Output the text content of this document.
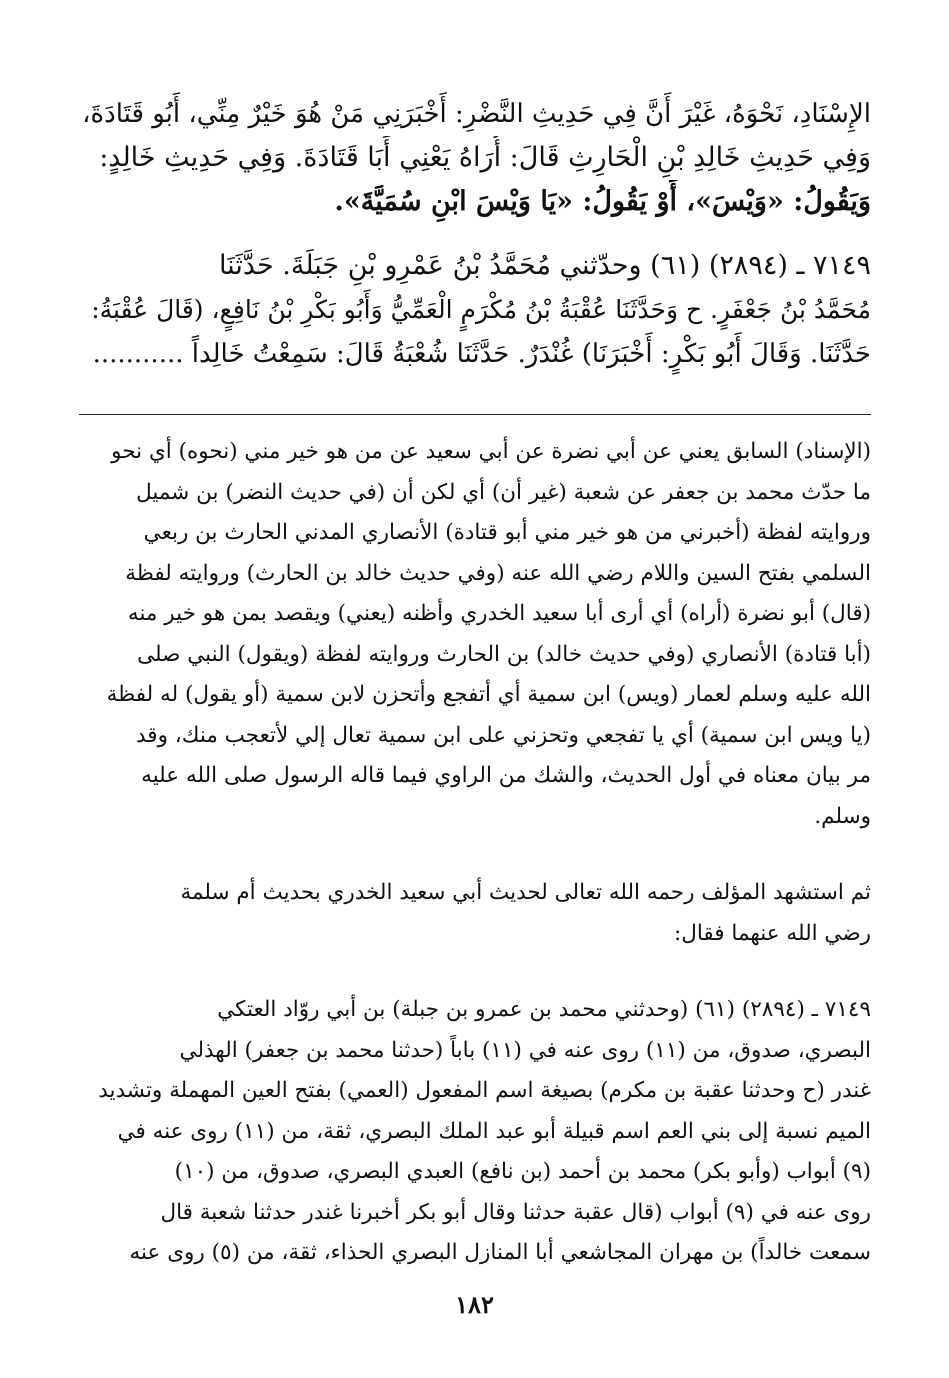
الإِسْنَادِ، نَحْوَهُ، غَيْرَ أَنَّ فِي حَدِيثِ النَّضْرِ: أَخْبَرَنِي مَنْ هُوَ خَيْرٌ مِنِّي، أَبُو قَتَادَةَ،
وَفِي حَدِيثِ خَالِدِ بْنِ الْحَارِثِ قَالَ: أُرَاهُ يَعْنِي أَبَا قَتَادَةَ. وَفِي حَدِيثِ خَالِدٍ:
وَيَقُولُ: «وَيْسَ»، أَوْ يَقُولُ: «يَا وَيْسَ ابْنِ سُمَيَّةَ».
٧١٤٩ ـ (٢٨٩٤) (٦١) وحدّثني مُحَمَّدُ بْنُ عَمْرِو بْنِ جَبَلَةَ. حَدَّثَنَا
مُحَمَّدُ بْنُ جَعْفَرٍ. ح وَحَدَّثَنَا عُقْبَةُ بْنُ مُكْرَمٍ الْعَمِّيُّ وَأَبُو بَكْرِ بْنُ نَافِعٍ، (قَالَ عُقْبَةُ:
حَدَّثَنَا. وَقَالَ أَبُو بَكْرٍ: أَخْبَرَنَا) غُنْدَرٌ. حَدَّثَنَا شُعْبَةُ قَالَ: سَمِعْتُ خَالِداً ...........
(الإسناد) السابق يعني عن أبي نضرة عن أبي سعيد عن من هو خير مني (نحوه) أي نحو
ما حدّث محمد بن جعفر عن شعبة (غير أن) أي لكن أن (في حديث النضر) بن شميل
وروايته لفظة (أخبرني من هو خير مني أبو قتادة) الأنصاري المدني الحارث بن ربعي
السلمي بفتح السين واللام رضي الله عنه (وفي حديث خالد بن الحارث) وروايته لفظة
(قال) أبو نضرة (أراه) أي أرى أبا سعيد الخدري وأظنه (يعني) ويقصد بمن هو خير منه
(أبا قتادة) الأنصاري (وفي حديث خالد) بن الحارث وروايته لفظة (ويقول) النبي صلى
الله عليه وسلم لعمار (ويس) ابن سمية أي أتفجع وأتحزن لابن سمية (أو يقول) له لفظة
(يا ويس ابن سمية) أي يا تفجعي وتحزني على ابن سمية تعال إلي لأتعجب منك، وقد
مر بيان معناه في أول الحديث، والشك من الراوي فيما قاله الرسول صلى الله عليه
وسلم.
ثم استشهد المؤلف رحمه الله تعالى لحديث أبي سعيد الخدري بحديث أم سلمة
رضي الله عنهما فقال:
٧١٤٩ ـ (٢٨٩٤) (٦١) (وحدثني محمد بن عمرو بن جبلة) بن أبي روّاد العتكي
البصري، صدوق، من (١١) روى عنه في (١١) باباً (حدثنا محمد بن جعفر) الهذلي
غندر (ح وحدثنا عقبة بن مكرم) بصيغة اسم المفعول (العمي) بفتح العين المهملة وتشديد
الميم نسبة إلى بني العم اسم قبيلة أبو عبد الملك البصري، ثقة، من (١١) روى عنه في
(٩) أبواب (وأبو بكر) محمد بن أحمد (بن نافع) العبدي البصري، صدوق، من (١٠)
روى عنه في (٩) أبواب (قال عقبة حدثنا وقال أبو بكر أخبرنا غندر حدثنا شعبة قال
سمعت خالداً) بن مهران المجاشعي أبا المنازل البصري الحذاء، ثقة، من (٥) روى عنه
١٨٢
